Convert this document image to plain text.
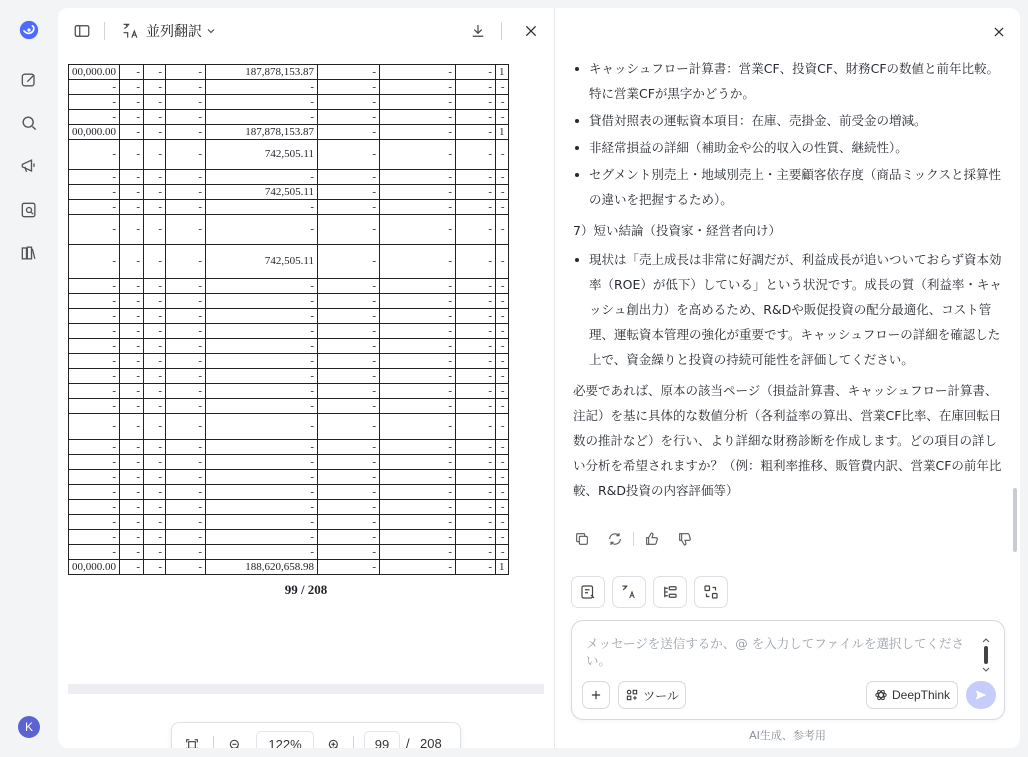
K
並列翻訳
00,000.00	-	-	-	187,878,153.87	-	-	-	1
-	-	-	-	-	-	-	-	-
-	-	-	-	-	-	-	-	-
-	-	-	-	-	-	-	-	-
00,000.00	-	-	-	187,878,153.87	-	-	-	1
-	-	-	-	742,505.11	-	-	-	-
-	-	-	-	-	-	-	-	-
-	-	-	-	742,505.11	-	-	-	-
-	-	-	-	-	-	-	-	-
-	-	-	-	-	-	-	-	-
-	-	-	-	742,505.11	-	-	-	-
-	-	-	-	-	-	-	-	-
-	-	-	-	-	-	-	-	-
-	-	-	-	-	-	-	-	-
-	-	-	-	-	-	-	-	-
-	-	-	-	-	-	-	-	-
-	-	-	-	-	-	-	-	-
-	-	-	-	-	-	-	-	-
-	-	-	-	-	-	-	-	-
-	-	-	-	-	-	-	-	-
-	-	-	-	-	-	-	-	-
-	-	-	-	-	-	-	-	-
-	-	-	-	-	-	-	-	-
-	-	-	-	-	-	-	-	-
-	-	-	-	-	-	-	-	-
-	-	-	-	-	-	-	-	-
-	-	-	-	-	-	-	-	-
-	-	-	-	-	-	-	-	-
-	-	-	-	-	-	-	-	-
00,000.00	-	-	-	188,620,658.98	-	-	-	1
99 / 208
122%	99	/ 208
キャッシュフロー計算書：営業CF、投資CF、財務CFの数値と前年比較。特に営業CFが黒字かどうか。
貸借対照表の運転資本項目：在庫、売掛金、前受金の増減。
非経常損益の詳細（補助金や公的収入の性質、継続性）。
セグメント別売上・地域別売上・主要顧客依存度（商品ミックスと採算性の違いを把握するため）。

7）短い結論（投資家・経営者向け）

現状は「売上成長は非常に好調だが、利益成長が追いついておらず資本効率（ROE）が低下）している」という状況です。成長の質（利益率・キャッシュ創出力）を高めるため、R&Dや販促投資の配分最適化、コスト管理、運転資本管理の強化が重要です。キャッシュフローの詳細を確認した上で、資金繰りと投資の持続可能性を評価してください。

必要であれば、原本の該当ページ（損益計算書、キャッシュフロー計算書、注記）を基に具体的な数値分析（各利益率の算出、営業CF比率、在庫回転日数の推計など）を行い、より詳細な財務診断を作成します。どの項目の詳しい分析を希望されますか？（例：粗利率推移、販管費内訳、営業CFの前年比較、R&D投資の内容評価等）

メッセージを送信するか、@ を入力してファイルを選択してください。
ツール	DeepThink
AI生成、参考用
